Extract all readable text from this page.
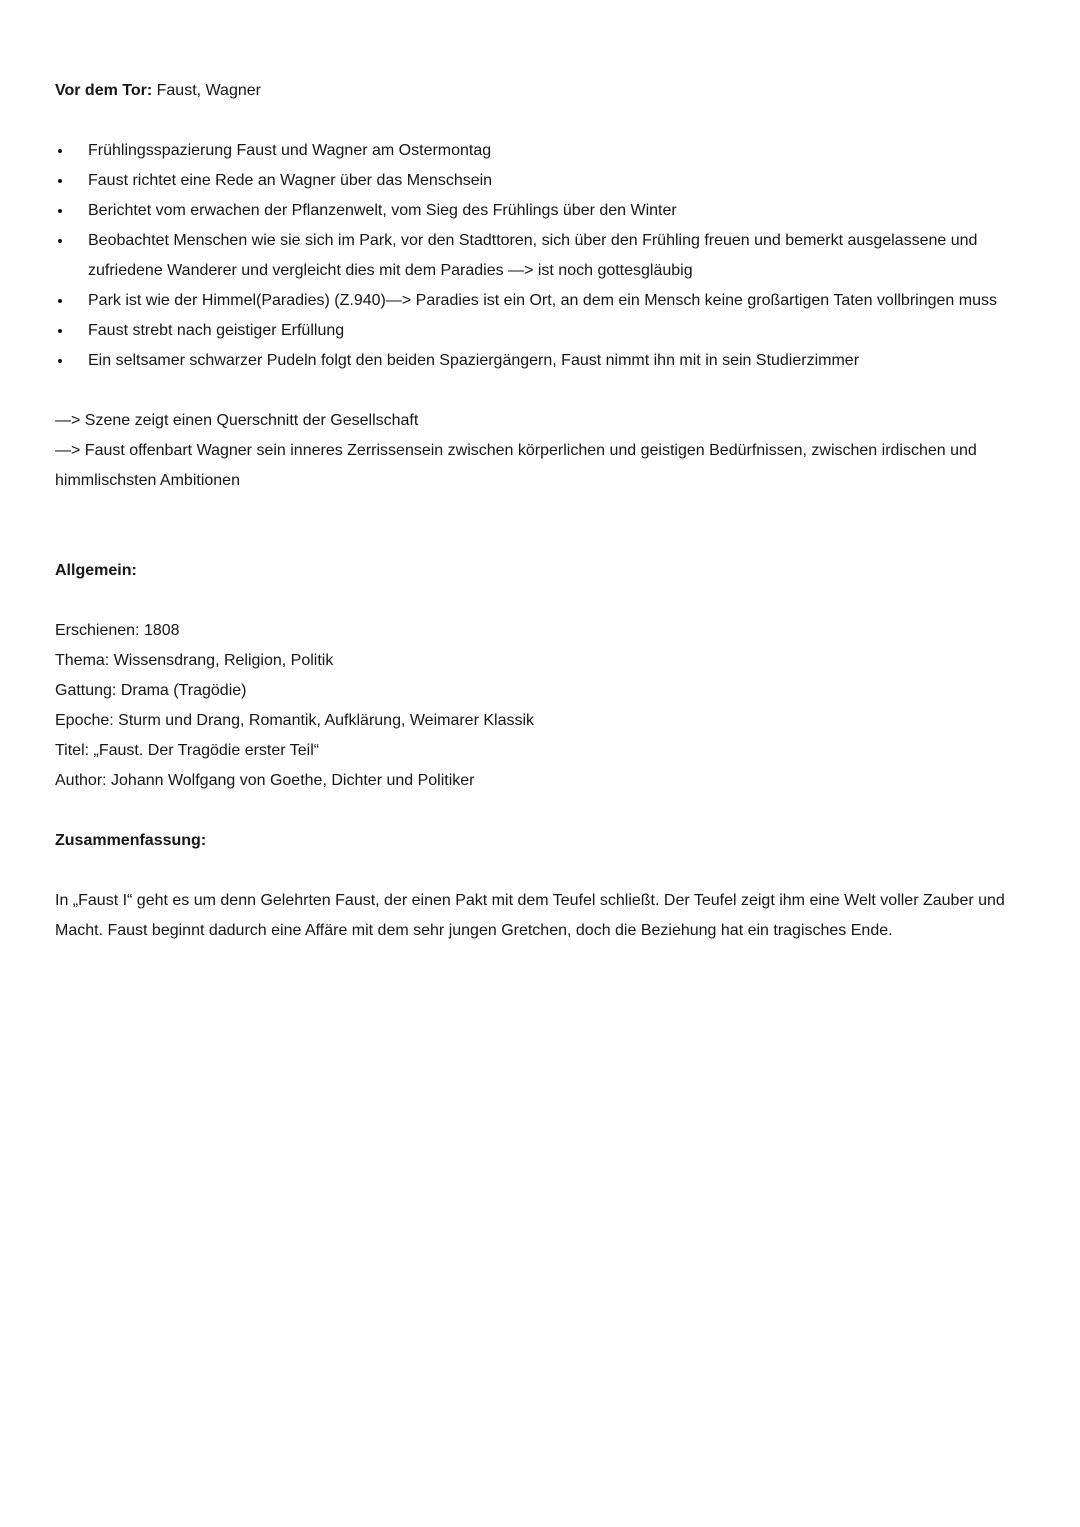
Vor dem Tor: Faust, Wagner

Frühlingsspazierung Faust und Wagner am Ostermontag
Faust richtet eine Rede an Wagner über das Menschsein
Berichtet vom erwachen der Pflanzenwelt, vom Sieg des Frühlings über den Winter
Beobachtet Menschen wie sie sich im Park, vor den Stadttoren, sich über den Frühling freuen und bemerkt ausgelassene und zufriedene Wanderer und vergleicht dies mit dem Paradies —> ist noch gottesgläubig
Park ist wie der Himmel(Paradies) (Z.940)—> Paradies ist ein Ort, an dem ein Mensch keine großartigen Taten vollbringen muss
Faust strebt nach geistiger Erfüllung
Ein seltsamer schwarzer Pudeln folgt den beiden Spaziergängern, Faust nimmt ihn mit in sein Studierzimmer

—> Szene zeigt einen Querschnitt der Gesellschaft

—> Faust offenbart Wagner sein inneres Zerrissensein zwischen körperlichen und geistigen Bedürfnissen, zwischen irdischen und himmlischsten Ambitionen

Allgemein:

Erschienen: 1808

Thema: Wissensdrang, Religion, Politik

Gattung: Drama (Tragödie)

Epoche: Sturm und Drang, Romantik, Aufklärung, Weimarer Klassik

Titel: „Faust. Der Tragödie erster Teil“

Author: Johann Wolfgang von Goethe, Dichter und Politiker

Zusammenfassung:

In „Faust I“ geht es um denn Gelehrten Faust, der einen Pakt mit dem Teufel schließt. Der Teufel zeigt ihm eine Welt voller Zauber und Macht. Faust beginnt dadurch eine Affäre mit dem sehr jungen Gretchen, doch die Beziehung hat ein tragisches Ende.
